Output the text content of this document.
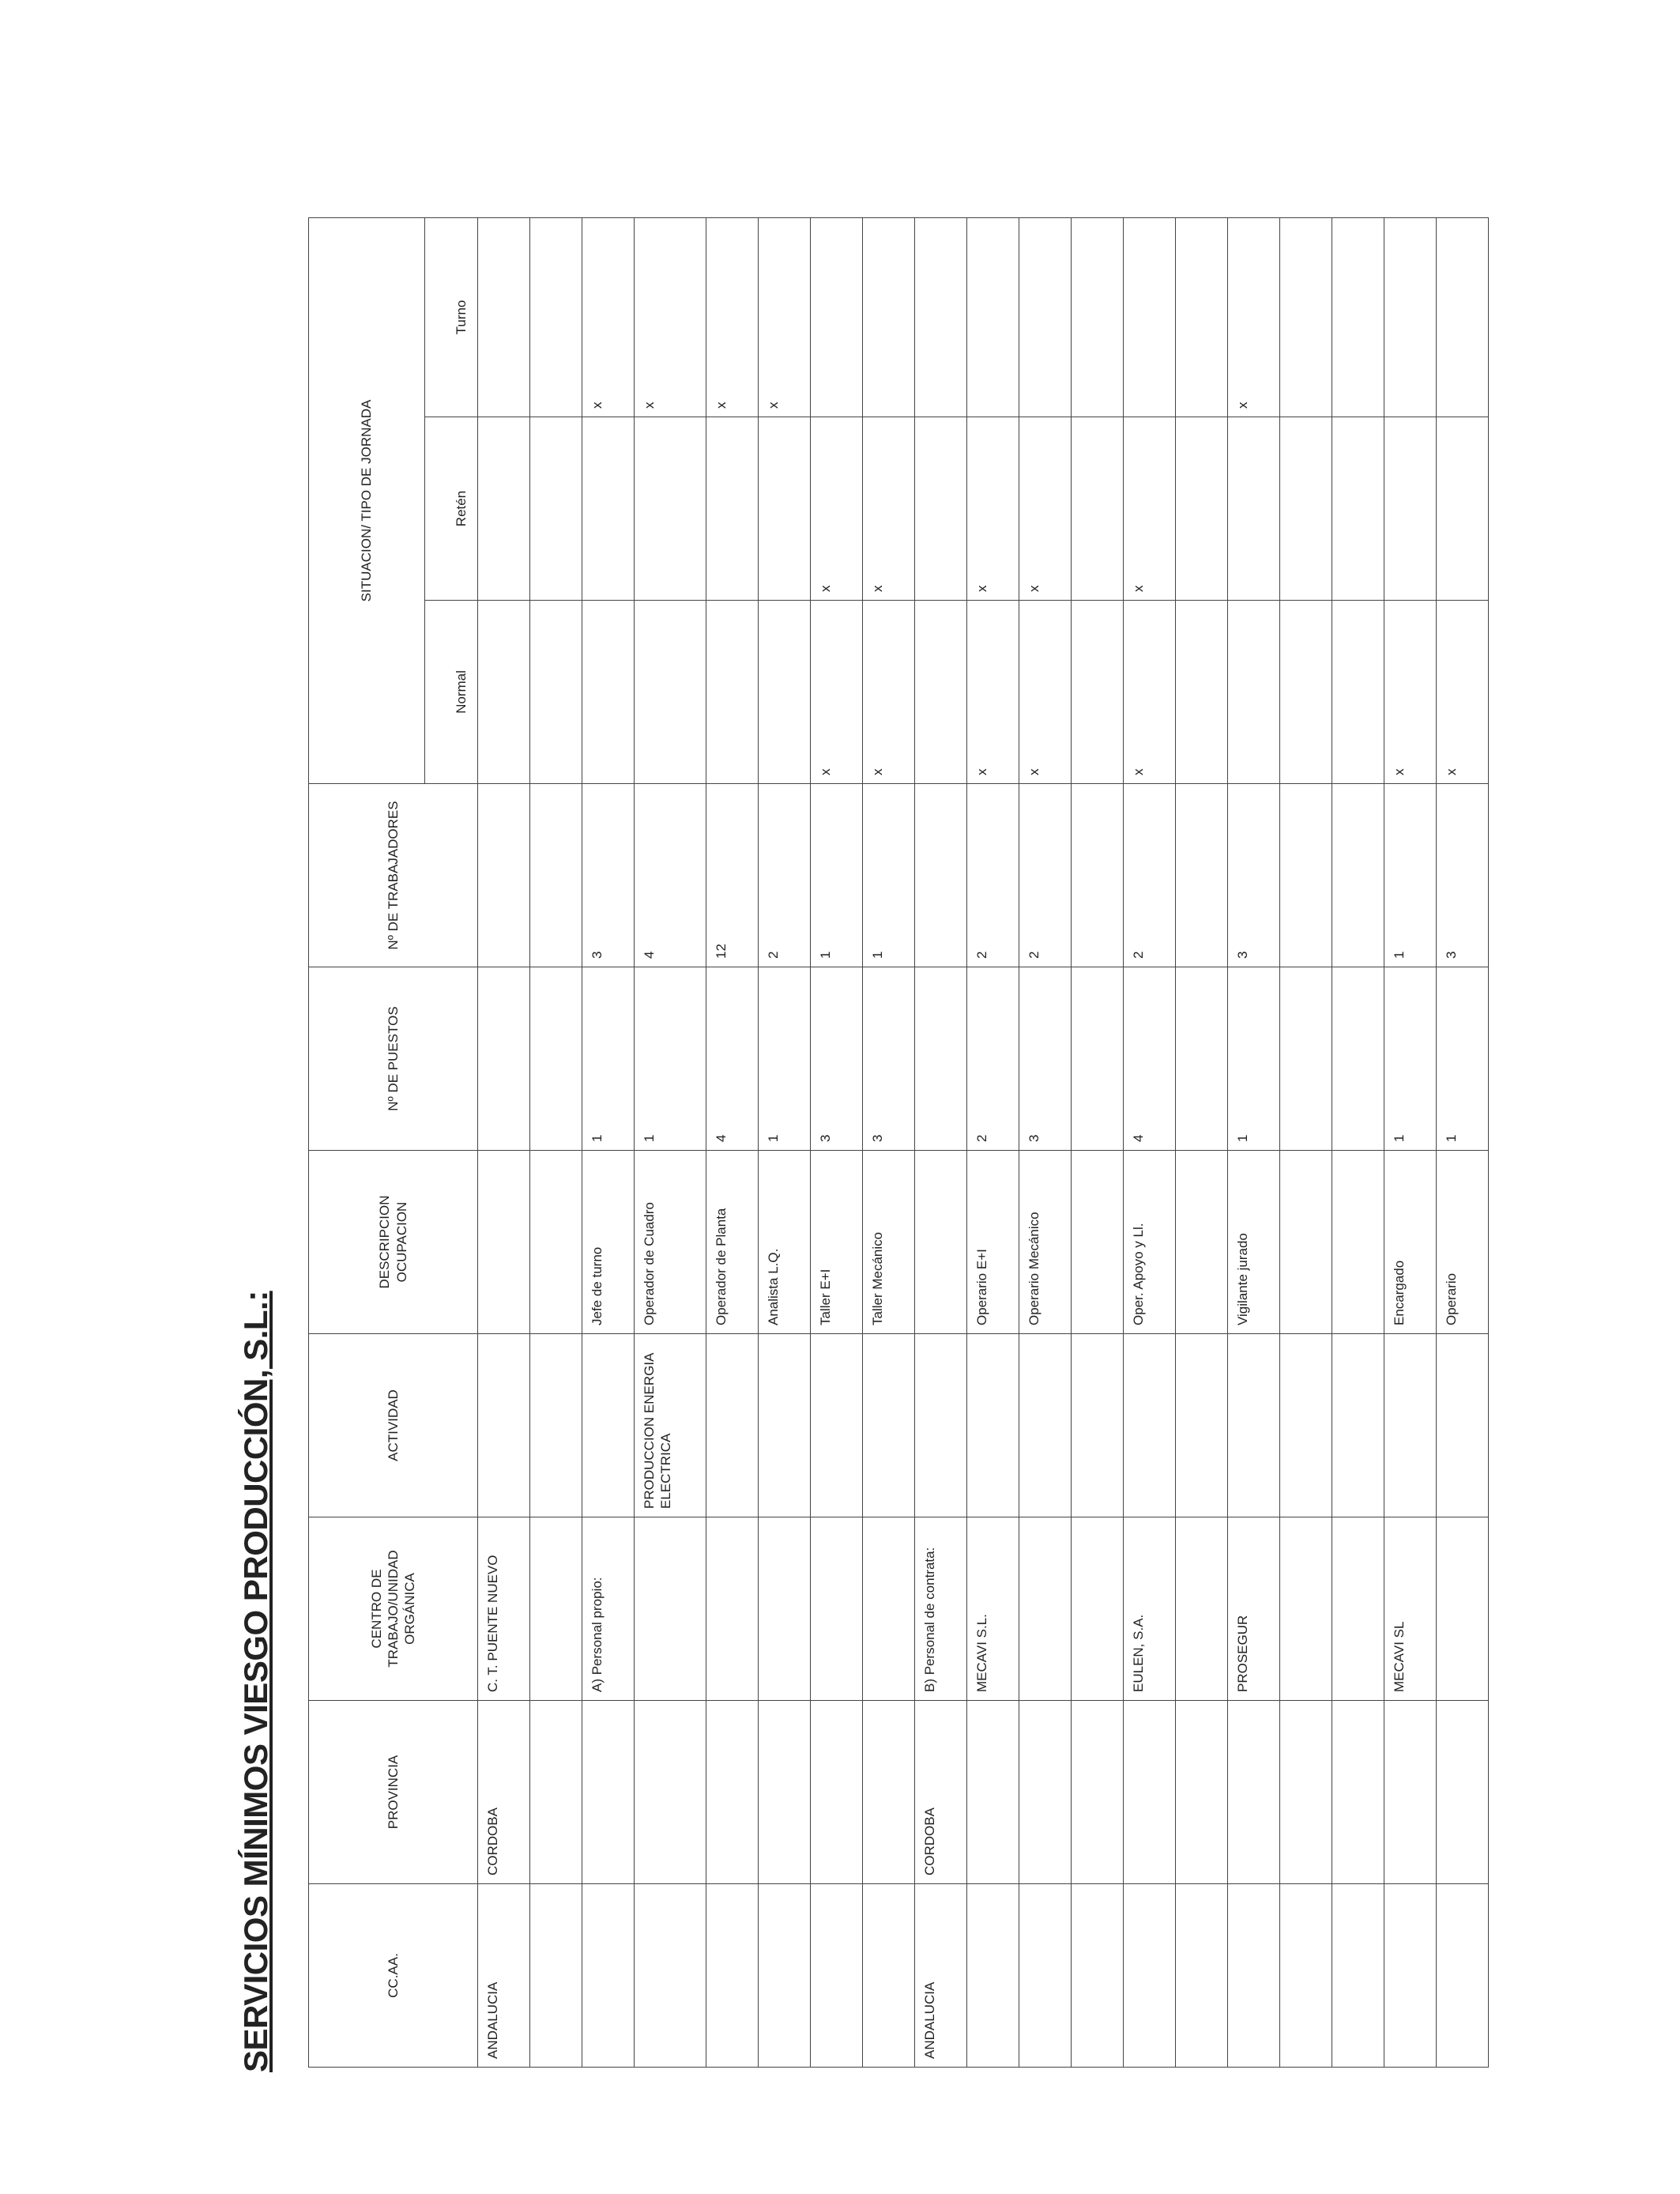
SERVICIOS MÍNIMOS VIESGO PRODUCCIÓN, S.L.:	CC.AA.	PROVINCIA	CENTRO DE TRABAJO/UNIDAD ORGÁNICA	ACTIVIDAD	DESCRIPCION OCUPACION	Nº DE PUESTOS	Nº DE TRABAJADORES	SITUACION/ TIPO DE JORNADA		
							Normal	Retén	Turno
ANDALUCIA	CORDOBA	C. T. PUENTE NUEVO							

		A) Personal propio:		Jefe de turno	1	3			x
			PRODUCCION ENERGIA ELECTRICA	Operador de Cuadro	1	4			x
				Operador de Planta	4	12			x
				Analista L.Q.	1	2			x
				Taller E+I	3	1	x	x	
				Taller Mecánico	3	1	x	x	
ANDALUCIA	CORDOBA	B) Personal de contrata:							
		MECAVI S.L.		Operario E+I	2	2	x	x	
				Operario Mecánico	3	2	x	x	

		EULEN, S.A.		Oper. Apoyo y Ll.	4	2	x	x	

		PROSEGUR		Vigilante jurado	1	3			x

		MECAVI SL		Encargado	1	1	x		
				Operario	1	3	x		
